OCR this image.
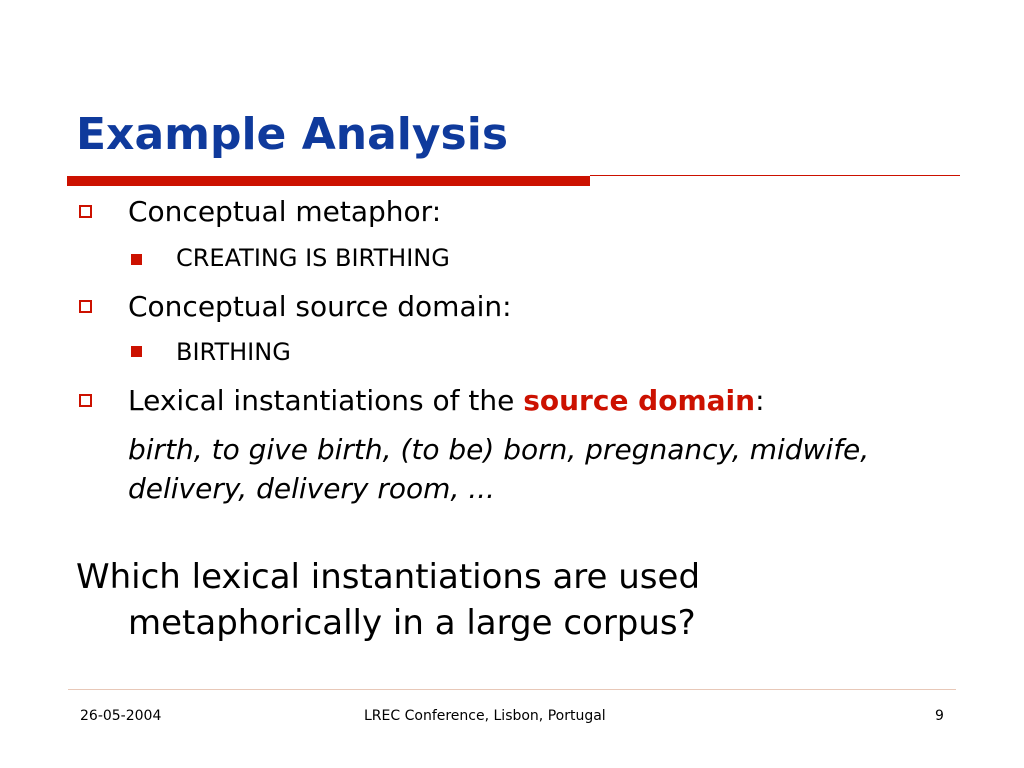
Example Analysis
Conceptual metaphor:
CREATING IS BIRTHING
Conceptual source domain:
BIRTHING
Lexical instantiations of the source domain:
birth, to give birth, (to be) born, pregnancy, midwife, delivery, delivery room, ...
Which lexical instantiations are used metaphorically in a large corpus?
26-05-2004	LREC Conference, Lisbon, Portugal	9
